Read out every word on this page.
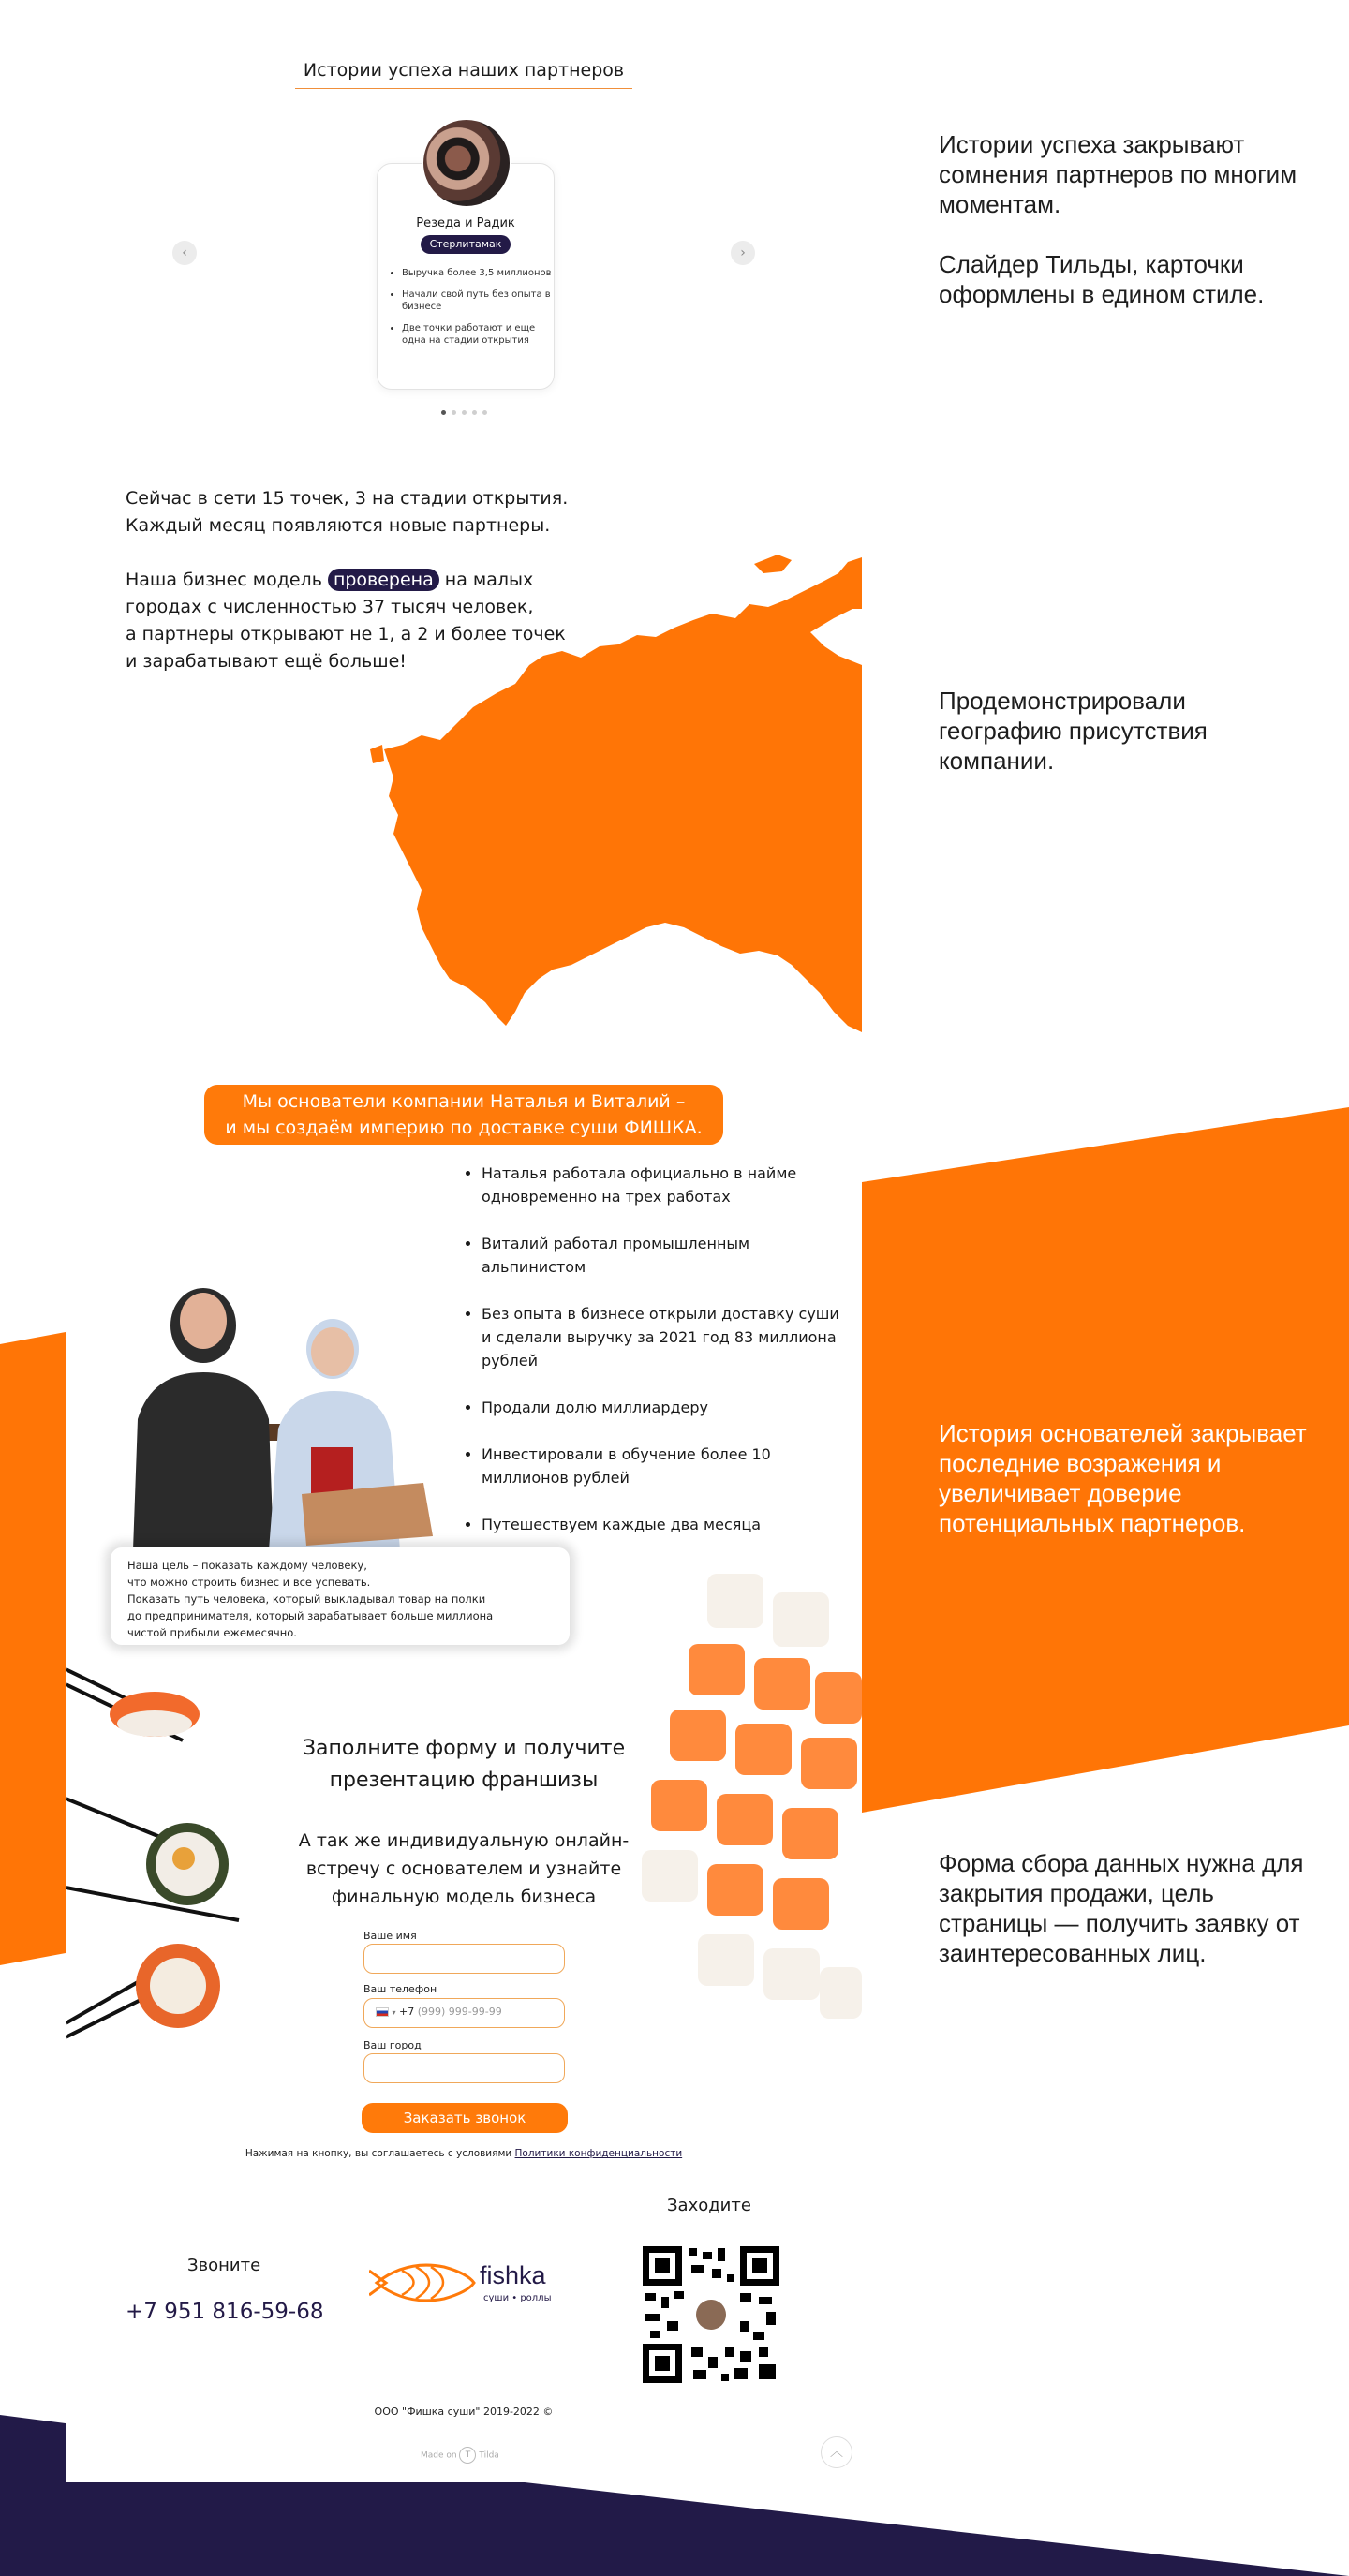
Истории успеха закрывают сомнения партнеров по многим моментам.
Слайдер Тильды, карточки оформлены в едином стиле.
Продемонстрировали географию присутствия компании.
История основателей закрывает последние возражения и увеличивает доверие потенциальных партнеров.
Форма сбора данных нужна для закрытия продажи, цель страницы — получить заявку от заинтересованных лиц.
Истории успеха наших партнеров
‹	›
Резеда и Радик
Стерлитамак
• Выручка более 3,5 миллионов
• Начали свой путь без опыта в бизнесе
• Две точки работают и еще одна на стадии открытия
Сейчас в сети 15 точек, 3 на стадии открытия.
Каждый месяц появляются новые партнеры.
Наша бизнес модель проверена на малых
городах с численностью 37 тысяч человек,
а партнеры открывают не 1, а 2 и более точек
и зарабатывают ещё больше!
Мы основатели компании Наталья и Виталий –
и мы создаём империю по доставке суши ФИШКА.
• Наталья работала официально в найме одновременно на трех работах
• Виталий работал промышленным альпинистом
• Без опыта в бизнесе открыли доставку суши и сделали выручку за 2021 год 83 миллиона рублей
• Продали долю миллиардеру
• Инвестировали в обучение более 10 миллионов рублей
• Путешествуем каждые два месяца
Наша цель – показать каждому человеку,
что можно строить бизнес и все успевать.
Показать путь человека, который выкладывал товар на полки
до предпринимателя, который зарабатывает больше миллиона
чистой прибыли ежемесячно.
Заполните форму и получите
презентацию франшизы
А так же индивидуальную онлайн-
встречу с основателем и узнайте
финальную модель бизнеса
Ваше имя
Ваш телефон
▾ +7 (999) 999-99-99
Ваш город
Заказать звонок
Нажимая на кнопку, вы соглашаетесь с условиями Политики конфиденциальности
Звоните
+7 951 816-59-68
fishka
суши • роллы
Заходите
ООО "Фишка суши" 2019-2022 ©
Made on T Tilda	︿
